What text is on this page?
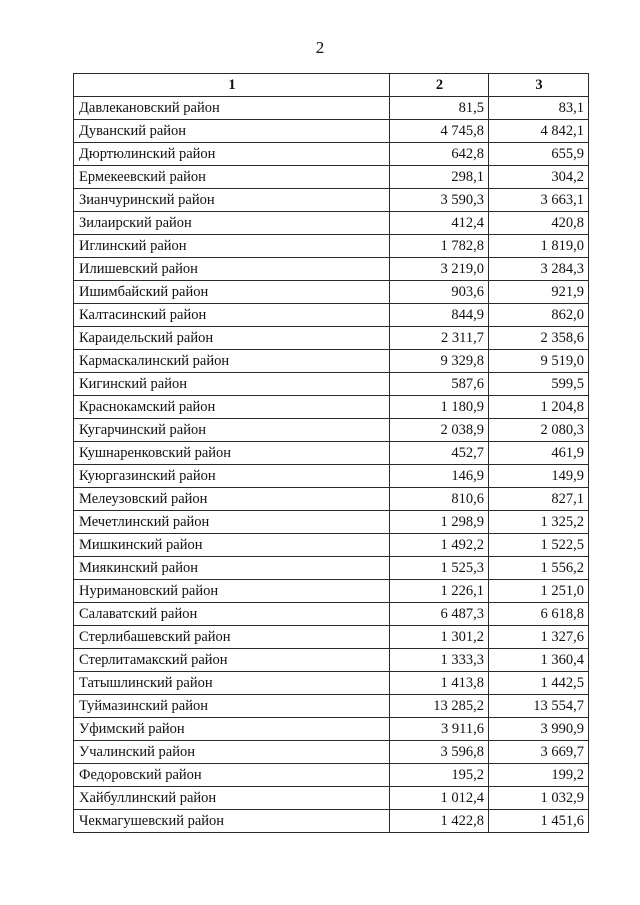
2
1	2	3
Давлекановский район	81,5	83,1
Дуванский район	4 745,8	4 842,1
Дюртюлинский район	642,8	655,9
Ермекеевский район	298,1	304,2
Зианчуринский район	3 590,3	3 663,1
Зилаирский район	412,4	420,8
Иглинский район	1 782,8	1 819,0
Илишевский район	3 219,0	3 284,3
Ишимбайский район	903,6	921,9
Калтасинский район	844,9	862,0
Караидельский район	2 311,7	2 358,6
Кармаскалинский район	9 329,8	9 519,0
Кигинский район	587,6	599,5
Краснокамский район	1 180,9	1 204,8
Кугарчинский район	2 038,9	2 080,3
Кушнаренковский район	452,7	461,9
Куюргазинский район	146,9	149,9
Мелеузовский район	810,6	827,1
Мечетлинский район	1 298,9	1 325,2
Мишкинский район	1 492,2	1 522,5
Миякинский район	1 525,3	1 556,2
Нуримановский район	1 226,1	1 251,0
Салаватский район	6 487,3	6 618,8
Стерлибашевский район	1 301,2	1 327,6
Стерлитамакский район	1 333,3	1 360,4
Татышлинский район	1 413,8	1 442,5
Туймазинский район	13 285,2	13 554,7
Уфимский район	3 911,6	3 990,9
Учалинский район	3 596,8	3 669,7
Федоровский район	195,2	199,2
Хайбуллинский район	1 012,4	1 032,9
Чекмагушевский район	1 422,8	1 451,6
